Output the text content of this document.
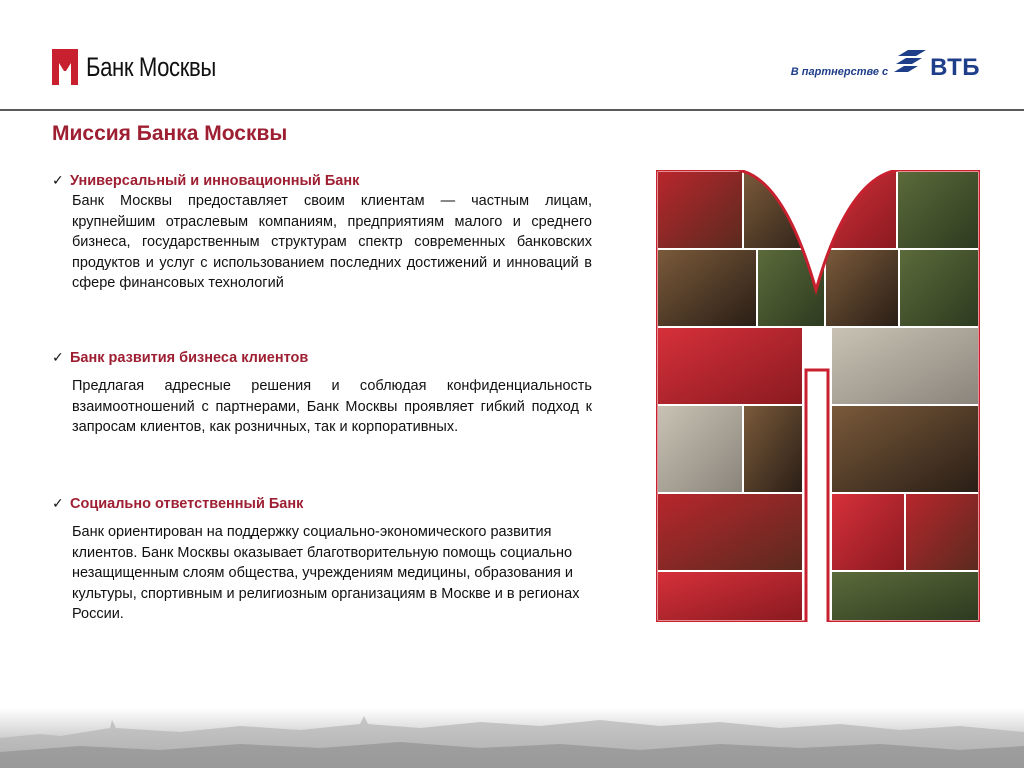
Банк Москвы	В партнерстве с ВТБ
Миссия Банка Москвы
✓ Универсальный и инновационный Банк

Банк Москвы предоставляет своим клиентам — частным лицам, крупнейшим отраслевым компаниям, предприятиям малого и среднего бизнеса, государственным структурам спектр современных банковских продуктов и услуг с использованием последних достижений и инноваций в сфере финансовых технологий

✓ Банк развития бизнеса клиентов

Предлагая адресные решения и соблюдая конфиденциальность взаимоотношений с партнерами, Банк Москвы проявляет гибкий подход к запросам клиентов, как розничных, так и корпоративных.

✓ Социально ответственный Банк

Банк ориентирован на поддержку социально-экономического развития клиентов. Банк Москвы оказывает благотворительную помощь социально незащищенным слоям общества, учреждениям медицины, образования и культуры, спортивным и религиозным организациям в Москве и в регионах России.
